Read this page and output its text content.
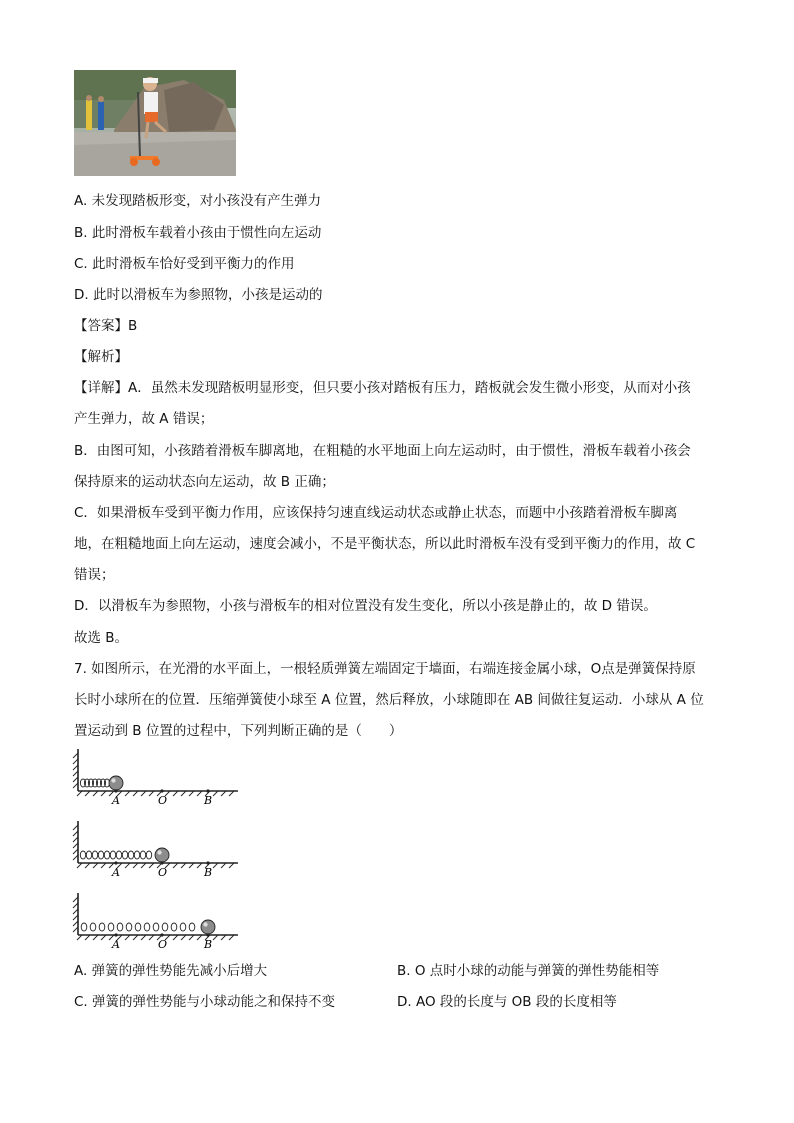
A. 未发现踏板形变，对小孩没有产生弹力
B. 此时滑板车载着小孩由于惯性向左运动
C. 此时滑板车恰好受到平衡力的作用
D. 此时以滑板车为参照物，小孩是运动的
【答案】B
【解析】
【详解】A．虽然未发现踏板明显形变，但只要小孩对踏板有压力，踏板就会发生微小形变，从而对小孩
产生弹力，故 A 错误；
B．由图可知，小孩踏着滑板车脚离地，在粗糙的水平地面上向左运动时，由于惯性，滑板车载着小孩会
保持原来的运动状态向左运动，故 B 正确；
C．如果滑板车受到平衡力作用，应该保持匀速直线运动状态或静止状态，而题中小孩踏着滑板车脚离
地，在粗糙地面上向左运动，速度会减小，不是平衡状态，所以此时滑板车没有受到平衡力的作用，故 C
错误；
D．以滑板车为参照物，小孩与滑板车的相对位置没有发生变化，所以小孩是静止的，故 D 错误。
故选 B。
7. 如图所示，在光滑的水平面上，一根轻质弹簧左端固定于墙面，右端连接金属小球，O点是弹簧保持原
长时小球所在的位置．压缩弹簧使小球至 A 位置，然后释放，小球随即在 AB 间做往复运动．小球从 A 位
置运动到 B 位置的过程中，下列判断正确的是（　　）
A	O	B
A	O	B
A	O	B
A. 弹簧的弹性势能先减小后增大	B. O 点时小球的动能与弹簧的弹性势能相等
C. 弹簧的弹性势能与小球动能之和保持不变	D. AO 段的长度与 OB 段的长度相等
